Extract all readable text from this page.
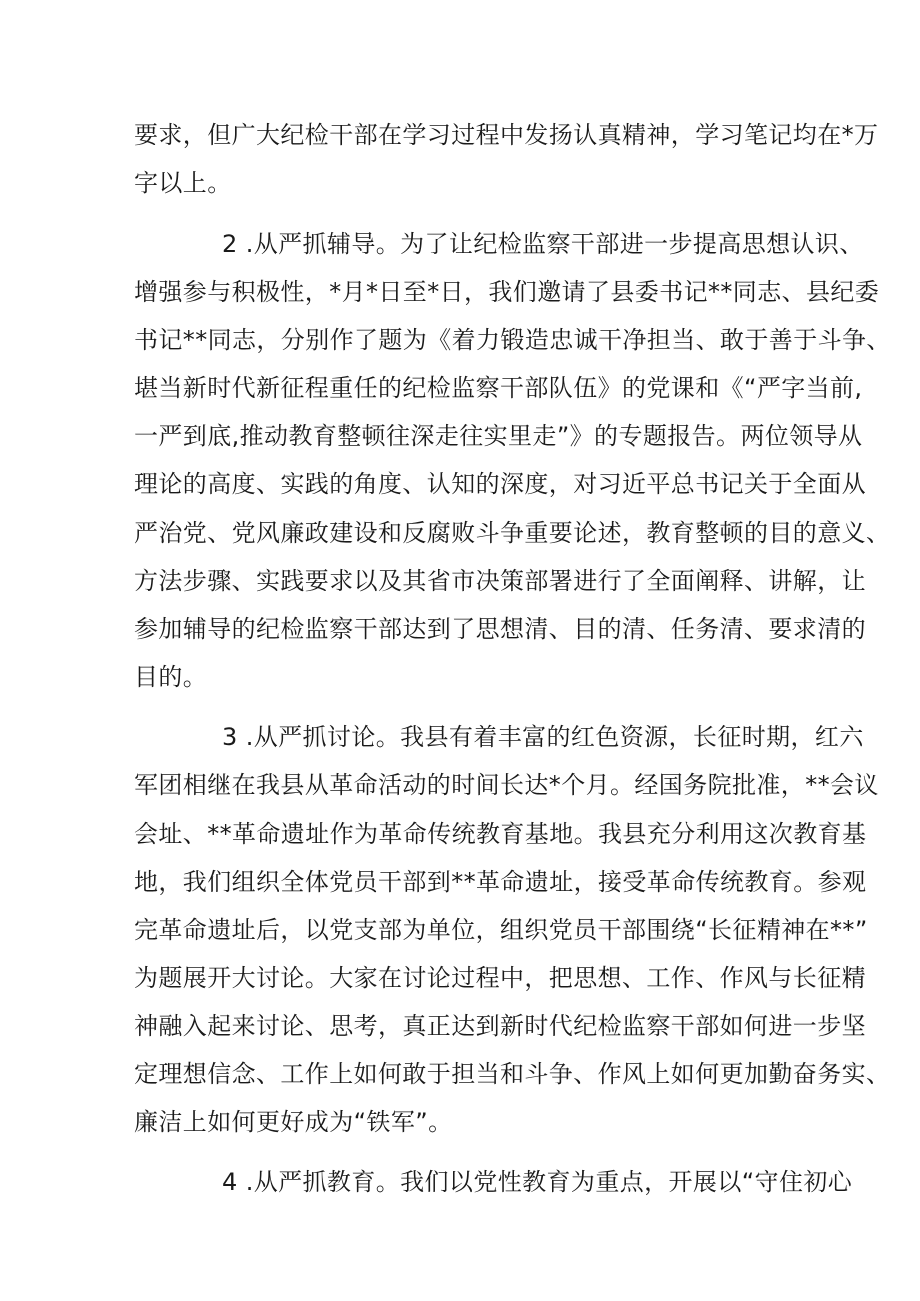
要求，但广大纪检干部在学习过程中发扬认真精神，学习笔记均在*万

字以上。

2 .从严抓辅导。为了让纪检监察干部进一步提高思想认识、

增强参与积极性，*月*日至*日，我们邀请了县委书记**同志、县纪委

书记**同志，分别作了题为《着力锻造忠诚干净担当、敢于善于斗争、

堪当新时代新征程重任的纪检监察干部队伍》的党课和《“严字当前,

一严到底,推动教育整顿往深走往实里走”》的专题报告。两位领导从

理论的高度、实践的角度、认知的深度，对习近平总书记关于全面从

严治党、党风廉政建设和反腐败斗争重要论述，教育整顿的目的意义、

方法步骤、实践要求以及其省市决策部署进行了全面阐释、讲解，让

参加辅导的纪检监察干部达到了思想清、目的清、任务清、要求清的

目的。

3 .从严抓讨论。我县有着丰富的红色资源，长征时期，红六

军团相继在我县从革命活动的时间长达*个月。经国务院批准，**会议

会址、**革命遗址作为革命传统教育基地。我县充分利用这次教育基

地，我们组织全体党员干部到**革命遗址，接受革命传统教育。参观

完革命遗址后，以党支部为单位，组织党员干部围绕“长征精神在**”

为题展开大讨论。大家在讨论过程中，把思想、工作、作风与长征精

神融入起来讨论、思考，真正达到新时代纪检监察干部如何进一步坚

定理想信念、工作上如何敢于担当和斗争、作风上如何更加勤奋务实、

廉洁上如何更好成为“铁军”。

4 .从严抓教育。我们以党性教育为重点，开展以“守住初心
